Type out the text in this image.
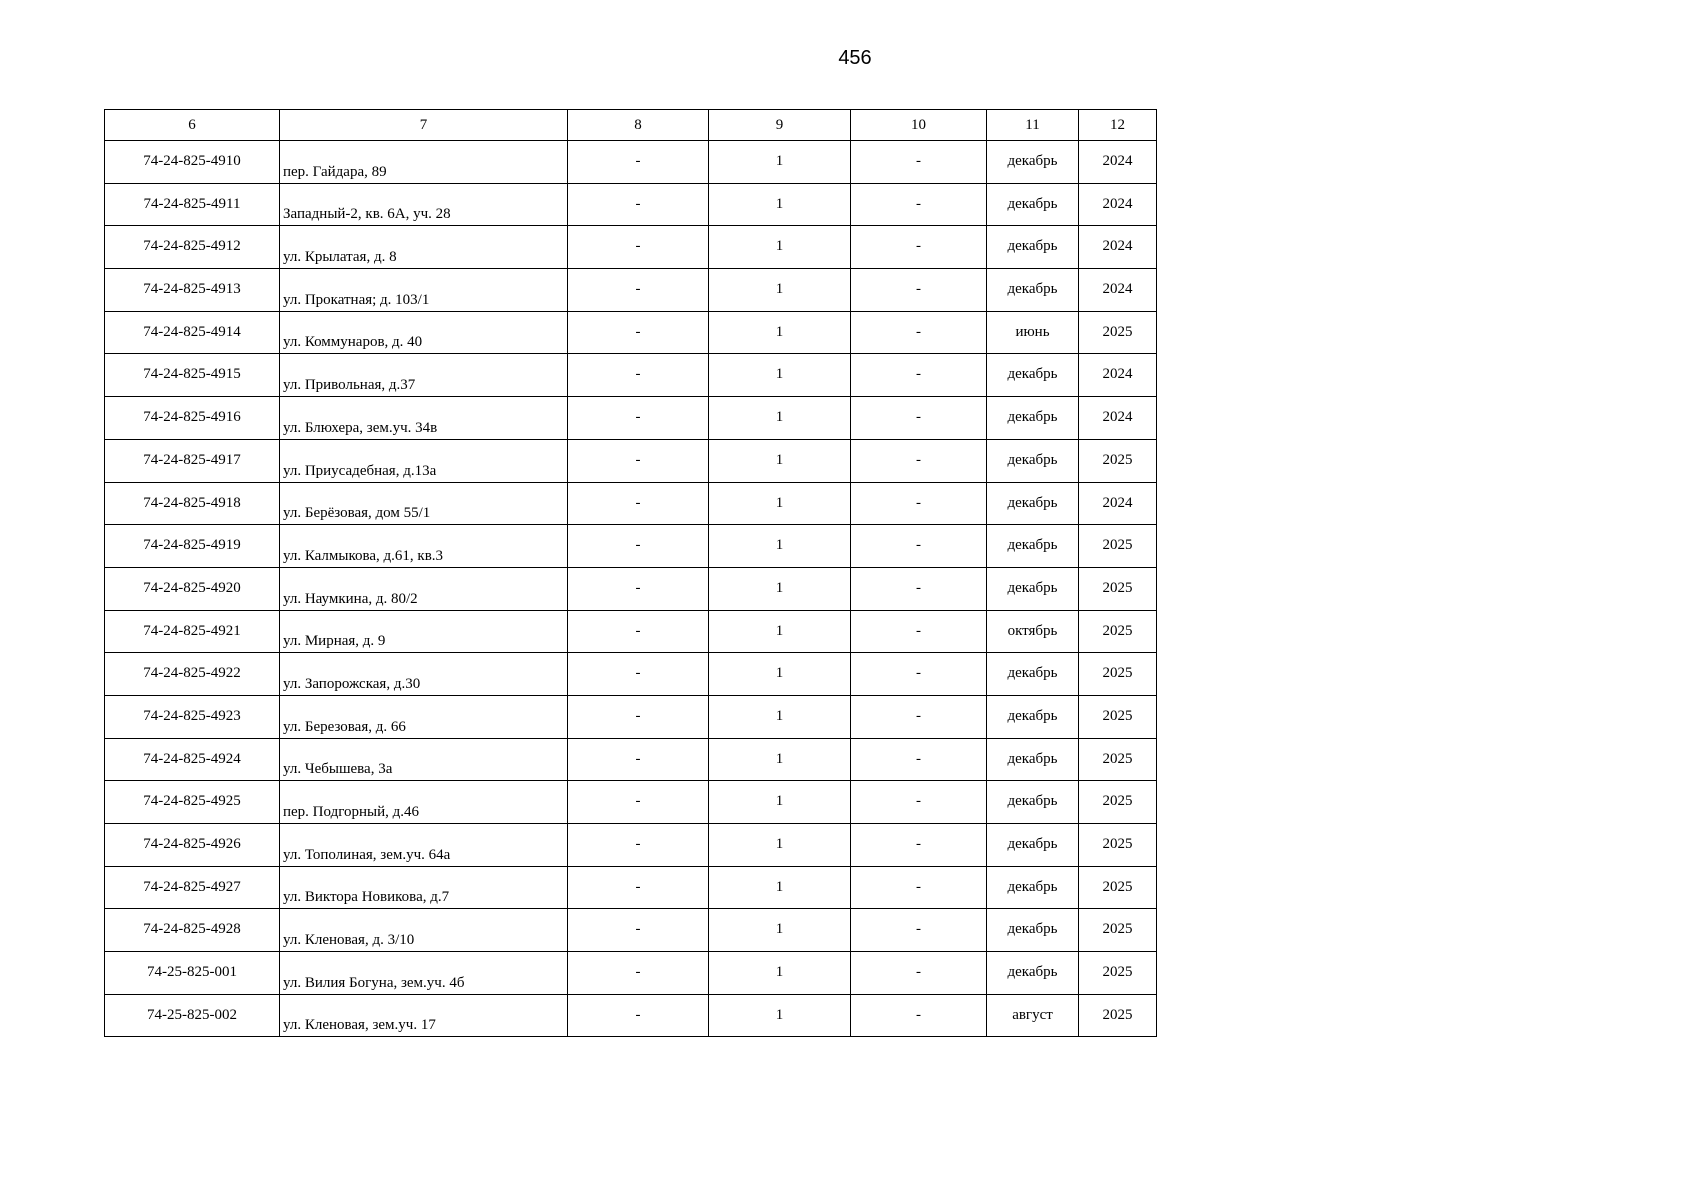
456
6	7	8	9	10	11	12
74-24-825-4910	пер. Гайдара, 89	-	1	-	декабрь	2024
74-24-825-4911	Западный-2, кв. 6А, уч. 28	-	1	-	декабрь	2024
74-24-825-4912	ул. Крылатая, д. 8	-	1	-	декабрь	2024
74-24-825-4913	ул. Прокатная; д. 103/1	-	1	-	декабрь	2024
74-24-825-4914	ул. Коммунаров, д. 40	-	1	-	июнь	2025
74-24-825-4915	ул. Привольная, д.37	-	1	-	декабрь	2024
74-24-825-4916	ул. Блюхера, зем.уч. 34в	-	1	-	декабрь	2024
74-24-825-4917	ул. Приусадебная, д.13а	-	1	-	декабрь	2025
74-24-825-4918	ул. Берёзовая, дом 55/1	-	1	-	декабрь	2024
74-24-825-4919	ул. Калмыкова, д.61, кв.3	-	1	-	декабрь	2025
74-24-825-4920	ул. Наумкина, д. 80/2	-	1	-	декабрь	2025
74-24-825-4921	ул. Мирная, д. 9	-	1	-	октябрь	2025
74-24-825-4922	ул. Запорожская, д.30	-	1	-	декабрь	2025
74-24-825-4923	ул. Березовая, д. 66	-	1	-	декабрь	2025
74-24-825-4924	ул. Чебышева, 3а	-	1	-	декабрь	2025
74-24-825-4925	пер. Подгорный, д.46	-	1	-	декабрь	2025
74-24-825-4926	ул. Тополиная, зем.уч. 64а	-	1	-	декабрь	2025
74-24-825-4927	ул. Виктора Новикова, д.7	-	1	-	декабрь	2025
74-24-825-4928	ул. Кленовая, д. 3/10	-	1	-	декабрь	2025
74-25-825-001	ул. Вилия Богуна, зем.уч. 4б	-	1	-	декабрь	2025
74-25-825-002	ул. Кленовая, зем.уч. 17	-	1	-	август	2025
